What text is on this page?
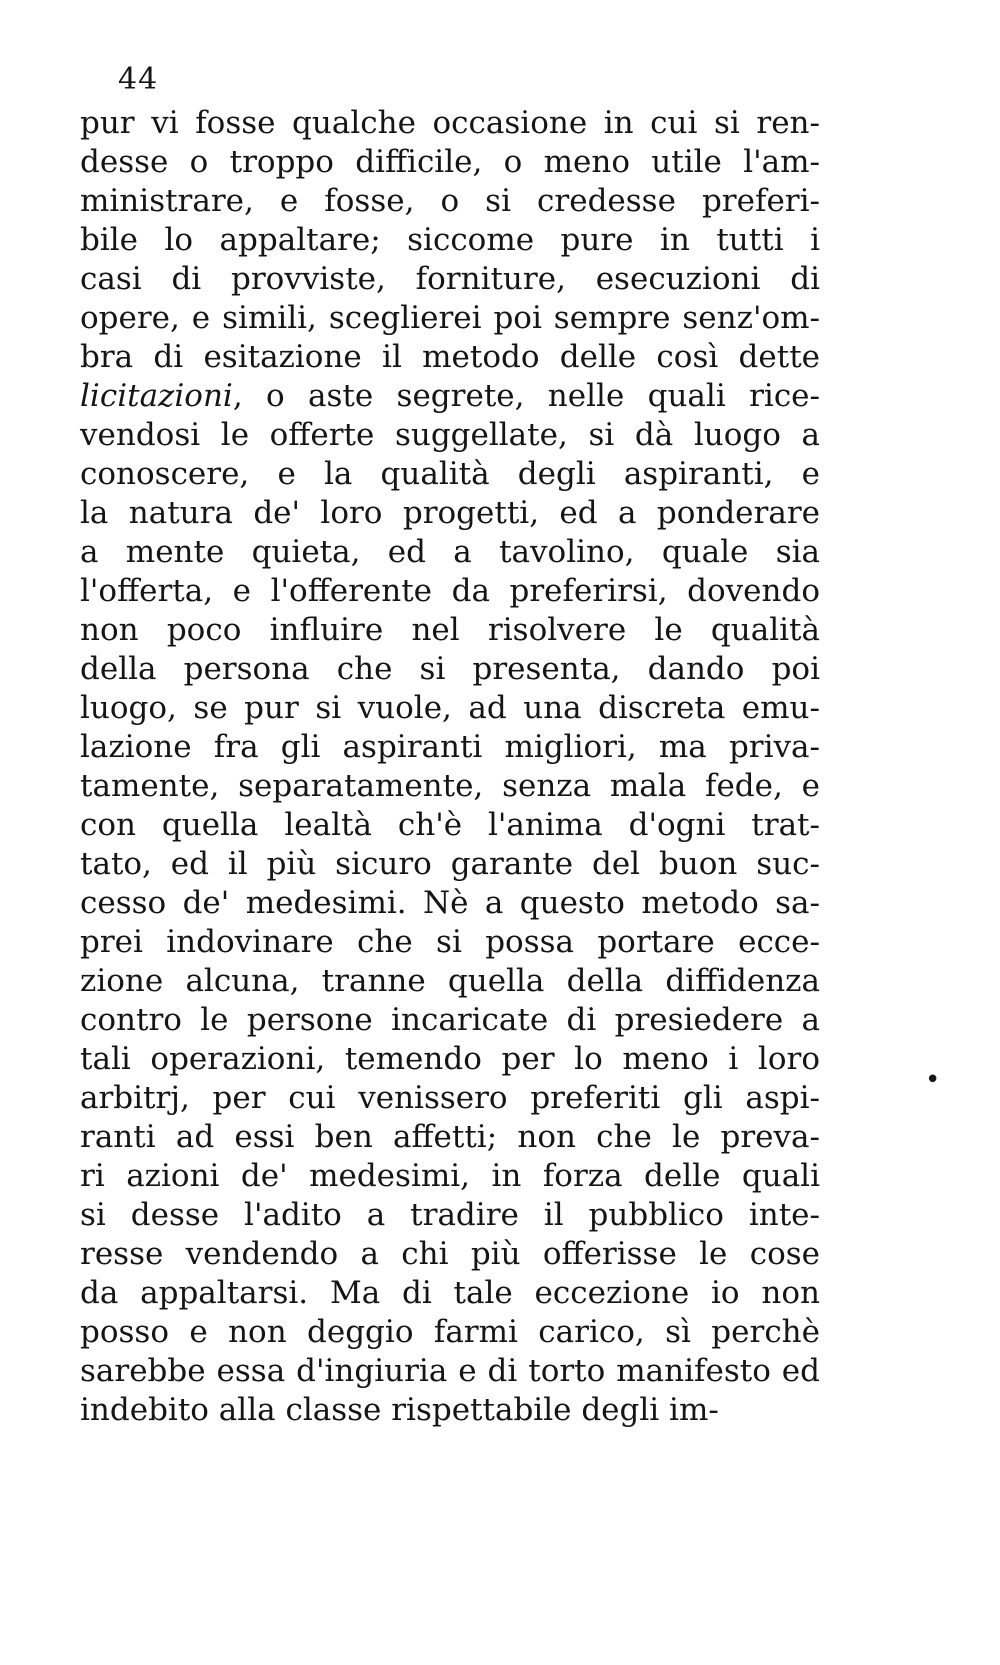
44
pur vi fosse qualche occasione in cui si ren-
desse o troppo difficile, o meno utile l'am-
ministrare, e fosse, o si credesse preferi-
bile lo appaltare; siccome pure in tutti i
casi di provviste, forniture, esecuzioni di
opere, e simili, sceglierei poi sempre senz'om-
bra di esitazione il metodo delle così dette
licitazioni, o aste segrete, nelle quali rice-
vendosi le offerte suggellate, si dà luogo a
conoscere, e la qualità degli aspiranti, e
la natura de' loro progetti, ed a ponderare
a mente quieta, ed a tavolino, quale sia
l'offerta, e l'offerente da preferirsi, dovendo
non poco influire nel risolvere le qualità
della persona che si presenta, dando poi
luogo, se pur si vuole, ad una discreta emu-
lazione fra gli aspiranti migliori, ma priva-
tamente, separatamente, senza mala fede, e
con quella lealtà ch'è l'anima d'ogni trat-
tato, ed il più sicuro garante del buon suc-
cesso de' medesimi. Nè a questo metodo sa-
prei indovinare che si possa portare ecce-
zione alcuna, tranne quella della diffidenza
contro le persone incaricate di presiedere a
tali operazioni, temendo per lo meno i loro
arbitrj, per cui venissero preferiti gli aspi-
ranti ad essi ben affetti; non che le preva-
ri azioni de' medesimi, in forza delle quali
si desse l'adito a tradire il pubblico inte-
resse vendendo a chi più offerisse le cose
da appaltarsi. Ma di tale eccezione io non
posso e non deggio farmi carico, sì perchè
sarebbe essa d'ingiuria e di torto manifesto ed
indebito alla classe rispettabile degli im-
•
